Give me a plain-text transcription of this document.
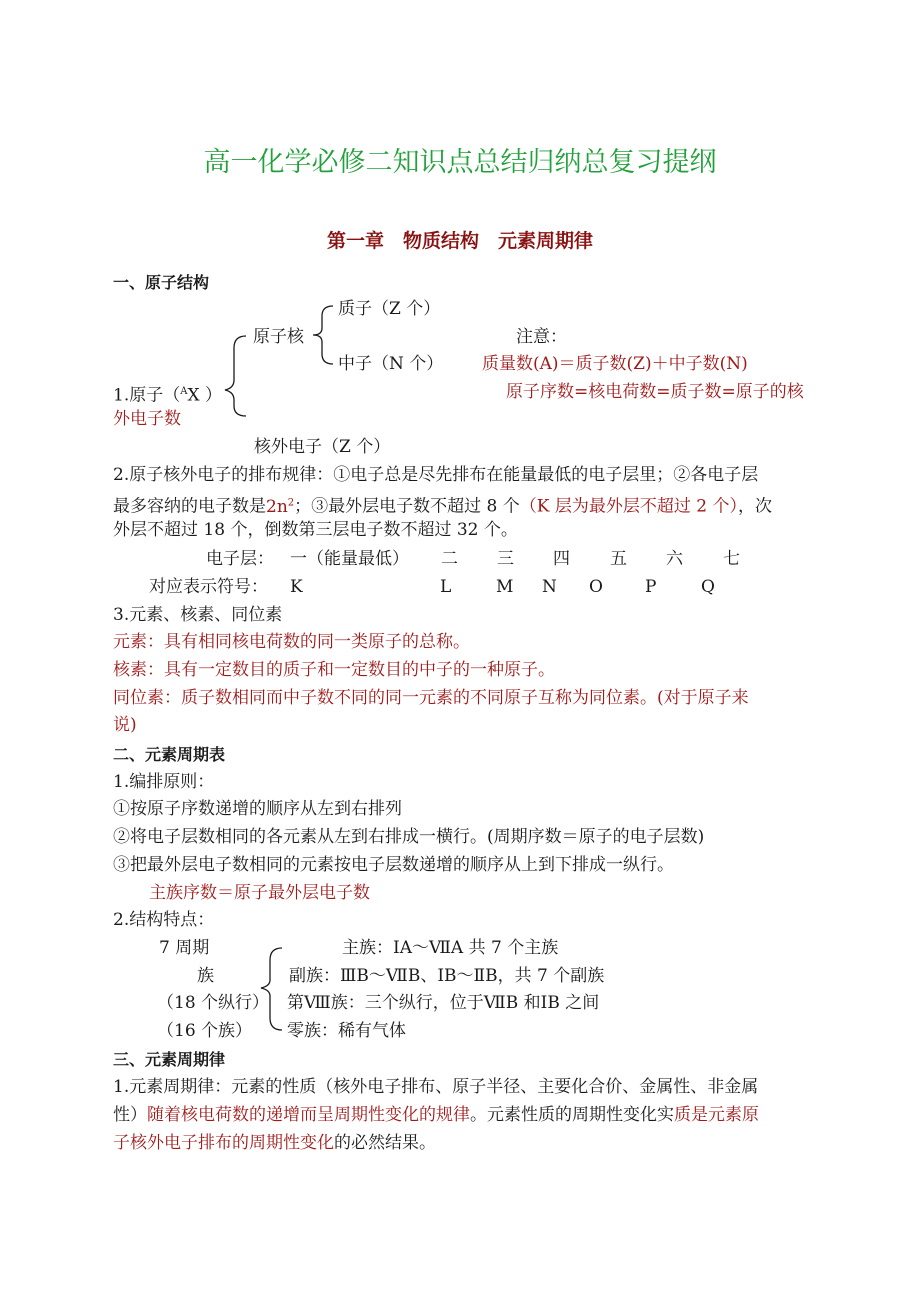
高一化学必修二知识点总结归纳总复习提纲
第一章　物质结构　元素周期律
一、原子结构
质子（Z 个）
原子核	注意：
中子（N 个） 质量数(A)＝质子数(Z)＋中子数(N)
1.原子（$^A$X ）	原子序数=核电荷数=质子数=原子的核
外电子数
核外电子（Z 个）
2.原子核外电子的排布规律：①电子总是尽先排布在能量最低的电子层里；②各电子层
最多容纳的电子数是$2n^2$；③最外层电子数不超过 8 个（K 层为最外层不超过 2 个），次
外层不超过 18 个，倒数第三层电子数不超过 32 个。
电子层： 一（能量最低） 二 三 四 五 六 七
对应表示符号： K	L	M N O P	Q
3.元素、核素、同位素
元素：具有相同核电荷数的同一类原子的总称。
核素：具有一定数目的质子和一定数目的中子的一种原子。
同位素：质子数相同而中子数不同的同一元素的不同原子互称为同位素。(对于原子来
说)
二、元素周期表
1.编排原则：
①按原子序数递增的顺序从左到右排列
②将电子层数相同的各元素从左到右排成一横行。(周期序数＝原子的电子层数)
③把最外层电子数相同的元素按电子层数递增的顺序从上到下排成一纵行。
主族序数＝原子最外层电子数
2.结构特点：
7 周期
族
（18 个纵行）
（16 个族）
主族：ⅠA～ⅦA 共 7 个主族
副族：ⅢB～ⅦB、ⅠB～ⅡB，共 7 个副族
第Ⅷ族：三个纵行，位于ⅦB 和ⅠB 之间
零族：稀有气体
三、元素周期律
1.元素周期律：元素的性质（核外电子排布、原子半径、主要化合价、金属性、非金属
性）随着核电荷数的递增而呈周期性变化的规律。元素性质的周期性变化实质是元素原
子核外电子排布的周期性变化的必然结果。
